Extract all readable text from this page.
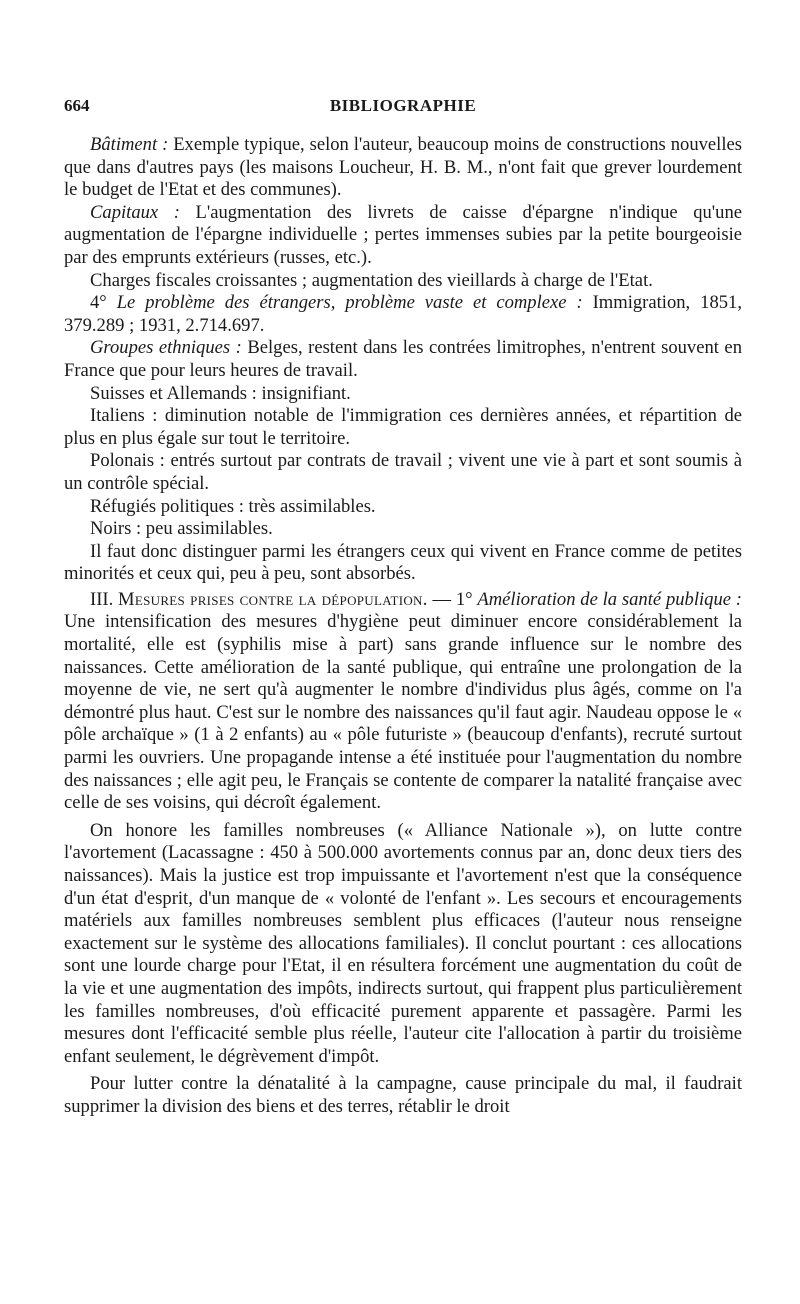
664	BIBLIOGRAPHIE

Bâtiment : Exemple typique, selon l'auteur, beaucoup moins de constructions nouvelles que dans d'autres pays (les maisons Loucheur, H. B. M., n'ont fait que grever lourdement le budget de l'Etat et des communes).

Capitaux : L'augmentation des livrets de caisse d'épargne n'indique qu'une augmentation de l'épargne individuelle ; pertes immenses subies par la petite bourgeoisie par des emprunts extérieurs (russes, etc.).

Charges fiscales croissantes ; augmentation des vieillards à charge de l'Etat.

4° Le problème des étrangers, problème vaste et complexe : Immigration, 1851, 379.289 ; 1931, 2.714.697.

Groupes ethniques : Belges, restent dans les contrées limitrophes, n'entrent souvent en France que pour leurs heures de travail.

Suisses et Allemands : insignifiant.

Italiens : diminution notable de l'immigration ces dernières années, et répartition de plus en plus égale sur tout le territoire.

Polonais : entrés surtout par contrats de travail ; vivent une vie à part et sont soumis à un contrôle spécial.

Réfugiés politiques : très assimilables.

Noirs : peu assimilables.

Il faut donc distinguer parmi les étrangers ceux qui vivent en France comme de petites minorités et ceux qui, peu à peu, sont absorbés.

III. Mesures prises contre la dépopulation. — 1° Amélioration de la santé publique : Une intensification des mesures d'hygiène peut diminuer encore considérablement la mortalité, elle est (syphilis mise à part) sans grande influence sur le nombre des naissances. Cette amélioration de la santé publique, qui entraîne une prolongation de la moyenne de vie, ne sert qu'à augmenter le nombre d'individus plus âgés, comme on l'a démontré plus haut. C'est sur le nombre des naissances qu'il faut agir. Naudeau oppose le « pôle archaïque » (1 à 2 enfants) au « pôle futuriste » (beaucoup d'enfants), recruté surtout parmi les ouvriers. Une propagande intense a été instituée pour l'augmentation du nombre des naissances ; elle agit peu, le Français se contente de comparer la natalité française avec celle de ses voisins, qui décroît également.

On honore les familles nombreuses (« Alliance Nationale »), on lutte contre l'avortement (Lacassagne : 450 à 500.000 avortements connus par an, donc deux tiers des naissances). Mais la justice est trop impuissante et l'avortement n'est que la conséquence d'un état d'esprit, d'un manque de « volonté de l'enfant ». Les secours et encouragements matériels aux familles nombreuses semblent plus efficaces (l'auteur nous renseigne exactement sur le système des allocations familiales). Il conclut pourtant : ces allocations sont une lourde charge pour l'Etat, il en résultera forcément une augmentation du coût de la vie et une augmentation des impôts, indirects surtout, qui frappent plus particulièrement les familles nombreuses, d'où efficacité purement apparente et passagère. Parmi les mesures dont l'efficacité semble plus réelle, l'auteur cite l'allocation à partir du troisième enfant seulement, le dégrèvement d'impôt.

Pour lutter contre la dénatalité à la campagne, cause principale du mal, il faudrait supprimer la division des biens et des terres, rétablir le droit
